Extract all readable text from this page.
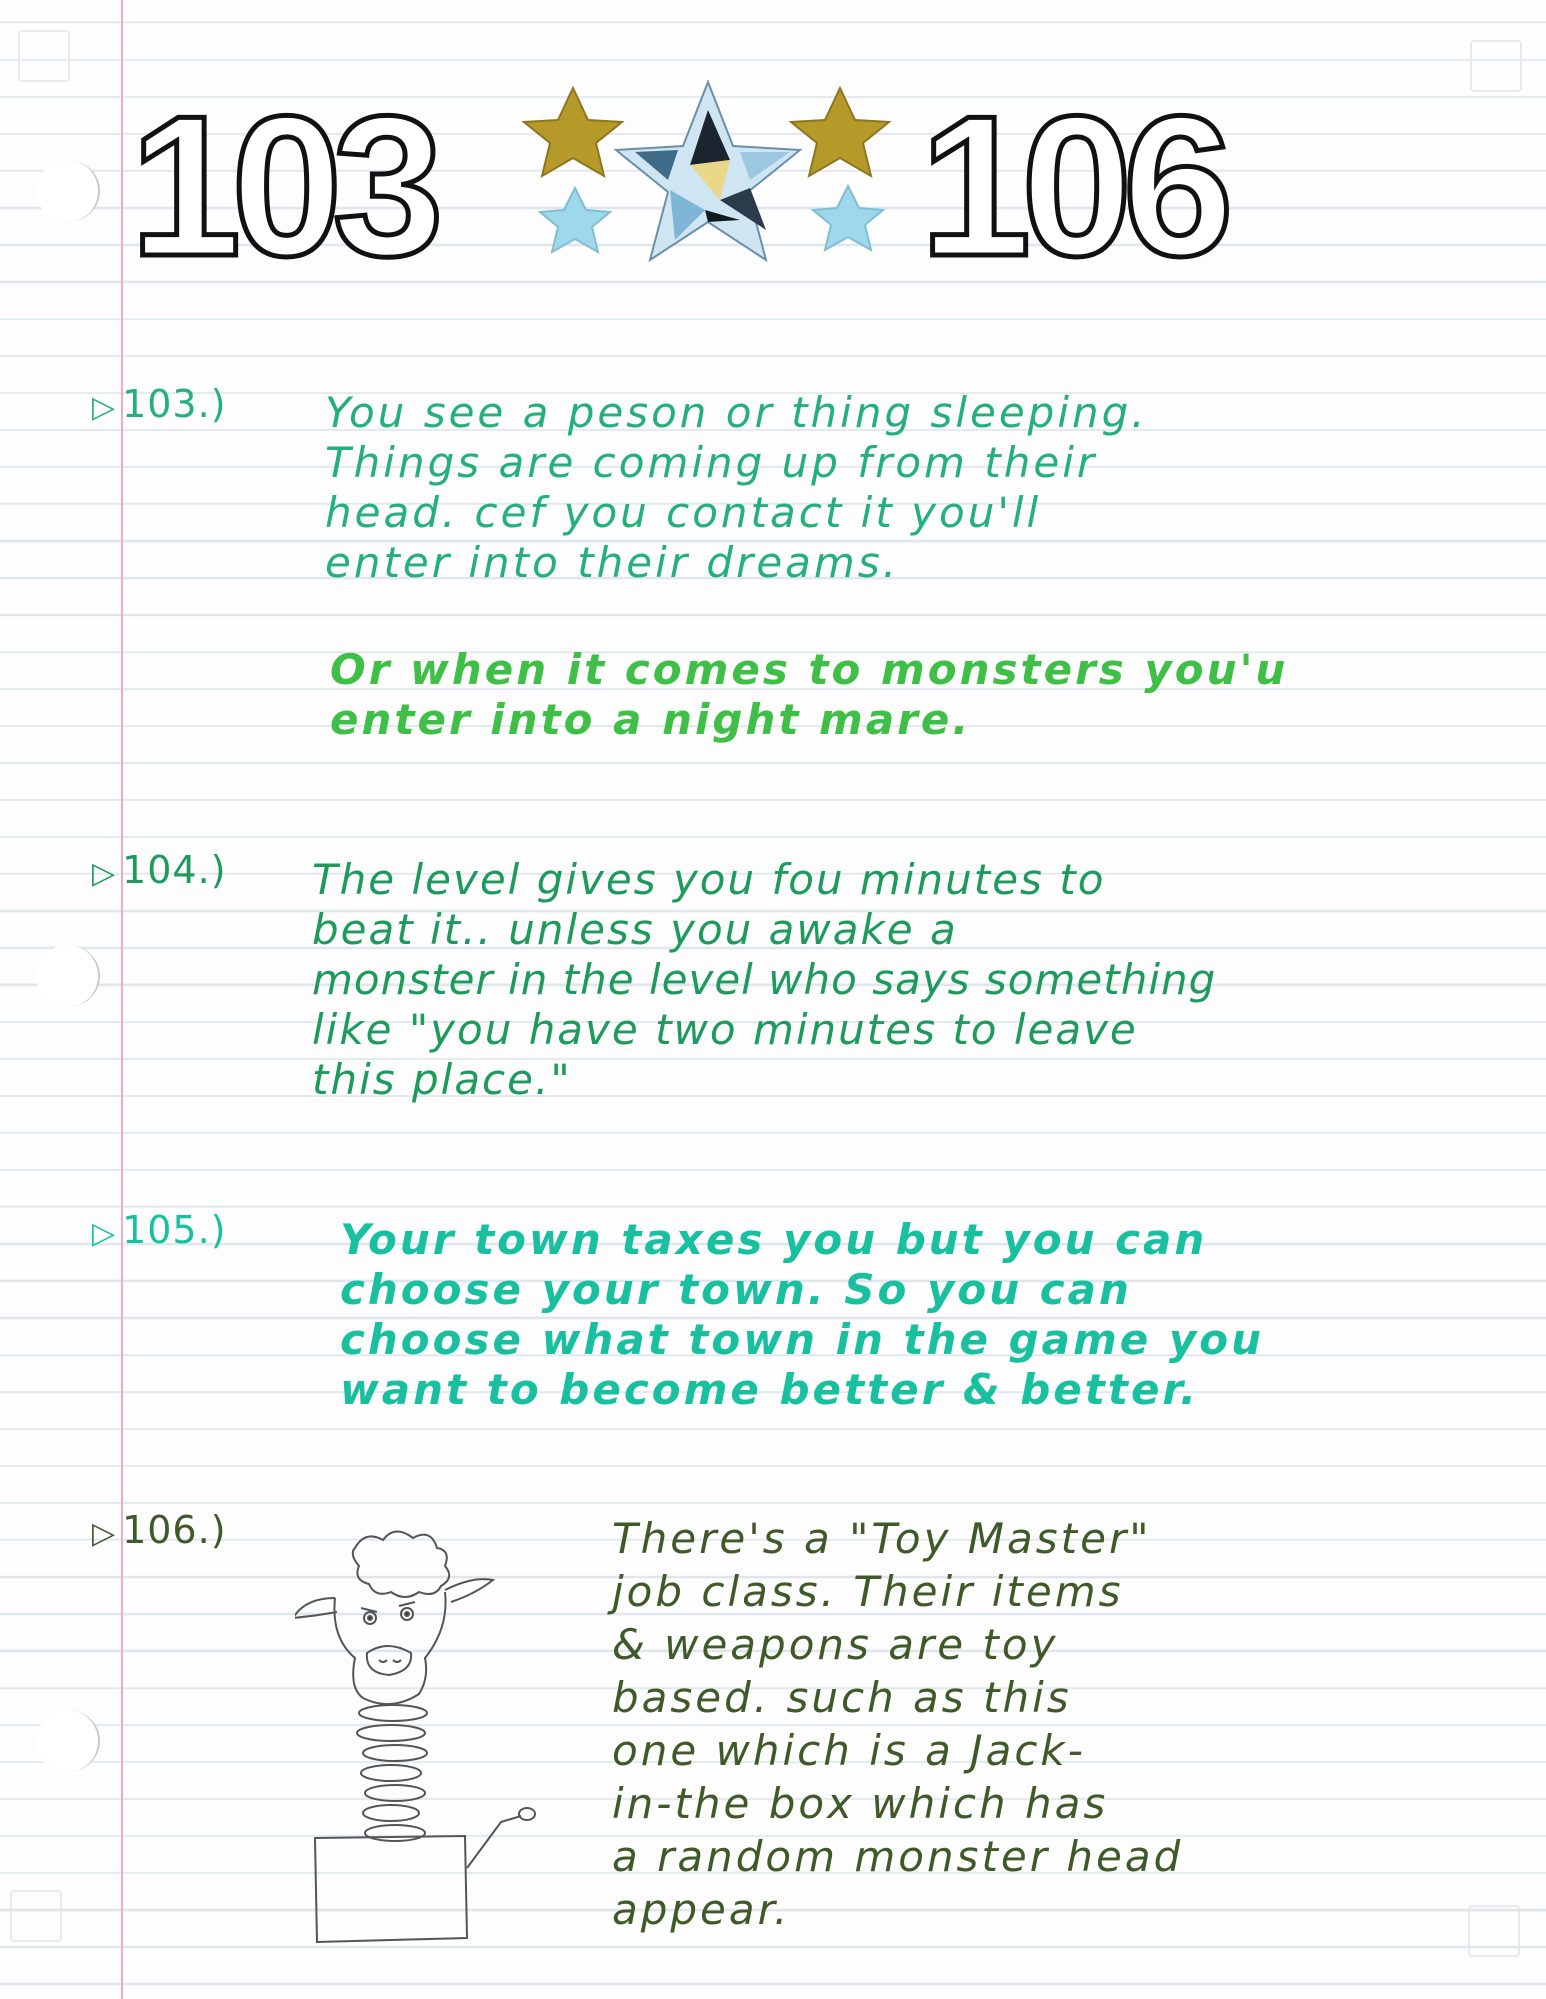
103 106
▷ 103.) You see a peson or thing sleeping.
Things are coming up from their
head. cef you contact it you'll
enter into their dreams.
Or when it comes to monsters you'u
enter into a night mare.
▷ 104.) The level gives you fou minutes to
beat it.. unless you awake a
monster in the level who says something
like "you have two minutes to leave
this place."
▷ 105.)	Your town taxes you but you can
choose your town. So you can
choose what town in the game you
want to become better & better.
▷ 106.)	There's a "Toy Master"
job class. Their items
& weapons are toy
based. such as this
one which is a Jack-
in-the box which has
a random monster head
appear.
